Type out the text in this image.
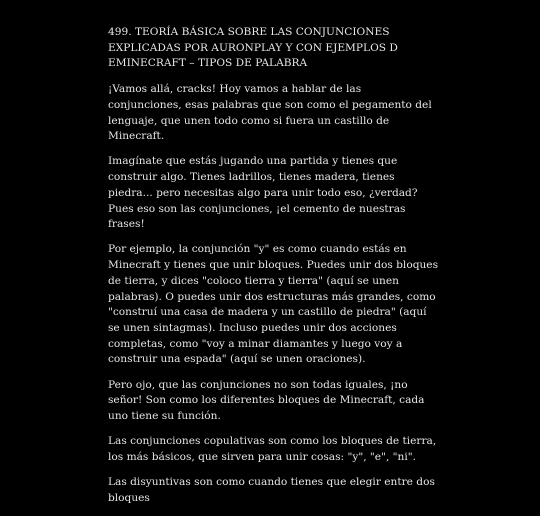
499. TEORÍA BÁSICA SOBRE LAS CONJUNCIONES EXPLICADAS POR AURONPLAY Y CON EJEMPLOS D EMINECRAFT – TIPOS DE PALABRA

¡Vamos allá, cracks! Hoy vamos a hablar de las conjunciones, esas palabras que son como el pegamento del lenguaje, que unen todo como si fuera un castillo de Minecraft.

Imagínate que estás jugando una partida y tienes que construir algo. Tienes ladrillos, tienes madera, tienes piedra... pero necesitas algo para unir todo eso, ¿verdad? Pues eso son las conjunciones, ¡el cemento de nuestras frases!

Por ejemplo, la conjunción "y" es como cuando estás en Minecraft y tienes que unir bloques. Puedes unir dos bloques de tierra, y dices "coloco tierra y tierra" (aquí se unen palabras). O puedes unir dos estructuras más grandes, como "construí una casa de madera y un castillo de piedra" (aquí se unen sintagmas). Incluso puedes unir dos acciones completas, como "voy a minar diamantes y luego voy a construir una espada" (aquí se unen oraciones).

Pero ojo, que las conjunciones no son todas iguales, ¡no señor! Son como los diferentes bloques de Minecraft, cada uno tiene su función.

Las conjunciones copulativas son como los bloques de tierra, los más básicos, que sirven para unir cosas: "y", "e", "ni".

Las disyuntivas son como cuando tienes que elegir entre dos bloques
